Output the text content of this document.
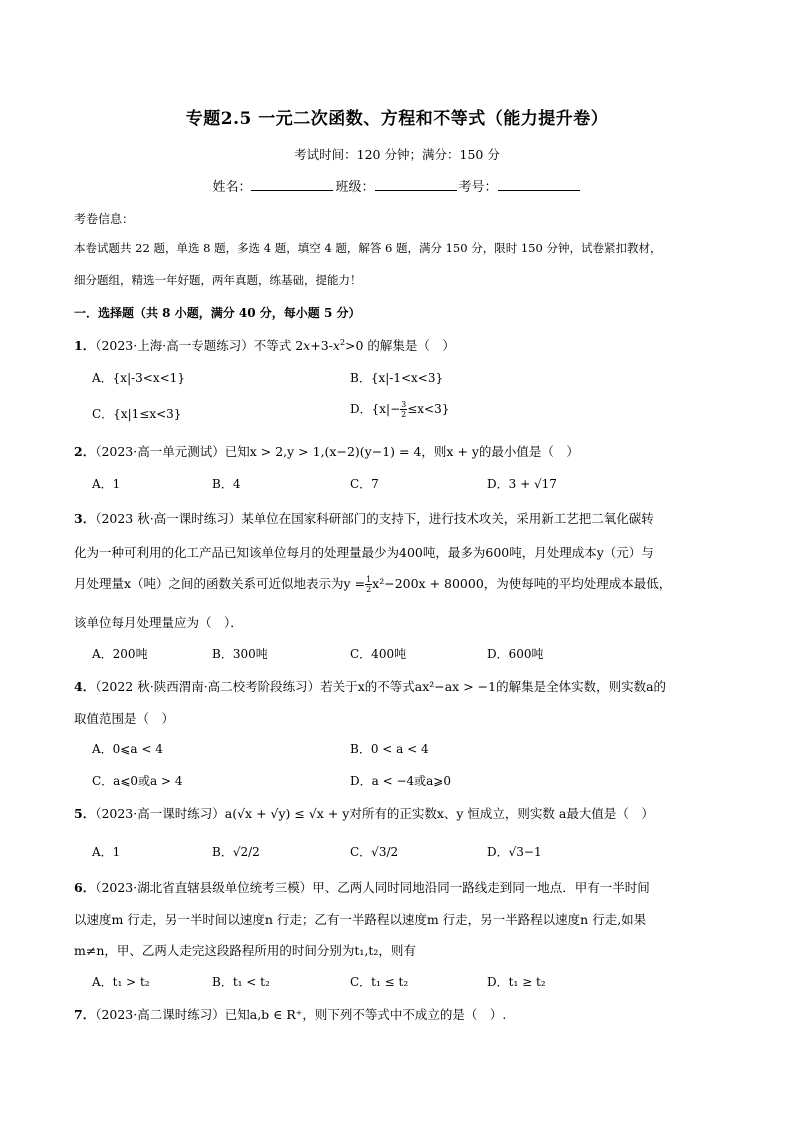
专题2.5 一元二次函数、方程和不等式（能力提升卷）
考试时间：120 分钟；满分：150 分
姓名：	班级：	考号：
考卷信息：
本卷试题共 22 题，单选 8 题，多选 4 题，填空 4 题，解答 6 题，满分 150 分，限时 150 分钟，试卷紧扣教材，
细分题组，精选一年好题，两年真题，练基础，提能力！
一．选择题（共 8 小题，满分 40 分，每小题 5 分）
1．（2023·上海·高一专题练习）不等式 $2x+3-x^2>0$ 的解集是（　）
A．{x|-3<x<1}	B．{x|-1<x<3}
C．{x|1≤x<3}	D．$\{x|- \frac{3}{2} \le x<3\}$
2．（2023·高一单元测试）已知x > 2,y > 1,(x−2)(y−1) = 4，则x + y的最小值是（　）
A．1	B．4	C．7	D．3 + √17
3．（2023 秋·高一课时练习）某单位在国家科研部门的支持下，进行技术攻关，采用新工艺把二氧化碳转
化为一种可利用的化工产品已知该单位每月的处理量最少为400吨，最多为600吨，月处理成本y（元）与
月处理量x（吨）之间的函数关系可近似地表示为$y = \frac{1}{2} x^2-200x + 80000$，为使每吨的平均处理成本最低，
该单位每月处理量应为（　）．
A．200吨	B．300吨	C．400吨	D．600吨
4．（2022 秋·陕西渭南·高二校考阶段练习）若关于x的不等式ax²−ax > −1的解集是全体实数，则实数a的
取值范围是（　）
A．0⩽a < 4	B．0 < a < 4
C．a⩽0或a > 4	D．a < −4或a⩾0
5．（2023·高一课时练习）a(√x + √y) ≤ √x + y对所有的正实数x、y 恒成立，则实数 a最大值是（　）
A．1	B．√2/2	C．√3/2	D．√3−1
6．（2023·湖北省直辖县级单位统考三模）甲、乙两人同时同地沿同一路线走到同一地点．甲有一半时间
以速度m 行走，另一半时间以速度n 行走；乙有一半路程以速度m 行走，另一半路程以速度n 行走,如果
m≠n，甲、乙两人走完这段路程所用的时间分别为t₁,t₂，则有
A．t₁ > t₂	B．t₁ < t₂	C．t₁ ≤ t₂	D．t₁ ≥ t₂
7．（2023·高二课时练习）已知a,b ∈ R⁺，则下列不等式中不成立的是（　）.
